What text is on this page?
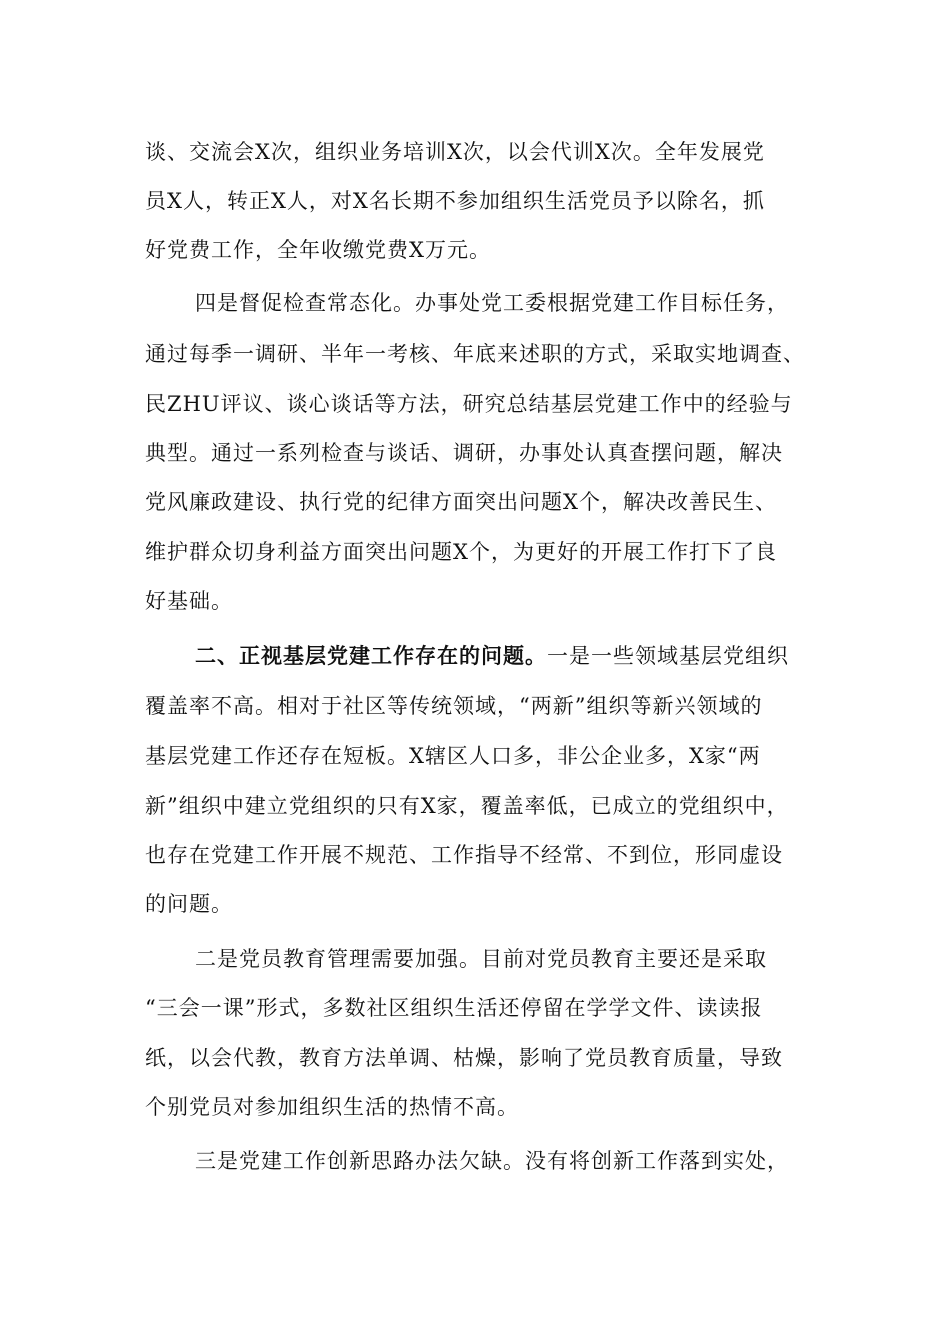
谈、交流会X次，组织业务培训X次，以会代训X次。全年发展党
员X人，转正X人，对X名长期不参加组织生活党员予以除名，抓
好党费工作，全年收缴党费X万元。
四是督促检查常态化。办事处党工委根据党建工作目标任务，
通过每季一调研、半年一考核、年底来述职的方式，采取实地调查、
民ZHU评议、谈心谈话等方法，研究总结基层党建工作中的经验与
典型。通过一系列检查与谈话、调研，办事处认真查摆问题，解决
党风廉政建设、执行党的纪律方面突出问题X个，解决改善民生、
维护群众切身利益方面突出问题X个，为更好的开展工作打下了良
好基础。
二、正视基层党建工作存在的问题。一是一些领域基层党组织
覆盖率不高。相对于社区等传统领域，“两新”组织等新兴领域的
基层党建工作还存在短板。X辖区人口多，非公企业多，X家“两
新”组织中建立党组织的只有X家，覆盖率低，已成立的党组织中，
也存在党建工作开展不规范、工作指导不经常、不到位，形同虚设
的问题。
二是党员教育管理需要加强。目前对党员教育主要还是采取
“三会一课”形式，多数社区组织生活还停留在学学文件、读读报
纸，以会代教，教育方法单调、枯燥，影响了党员教育质量，导致
个别党员对参加组织生活的热情不高。
三是党建工作创新思路办法欠缺。没有将创新工作落到实处，
